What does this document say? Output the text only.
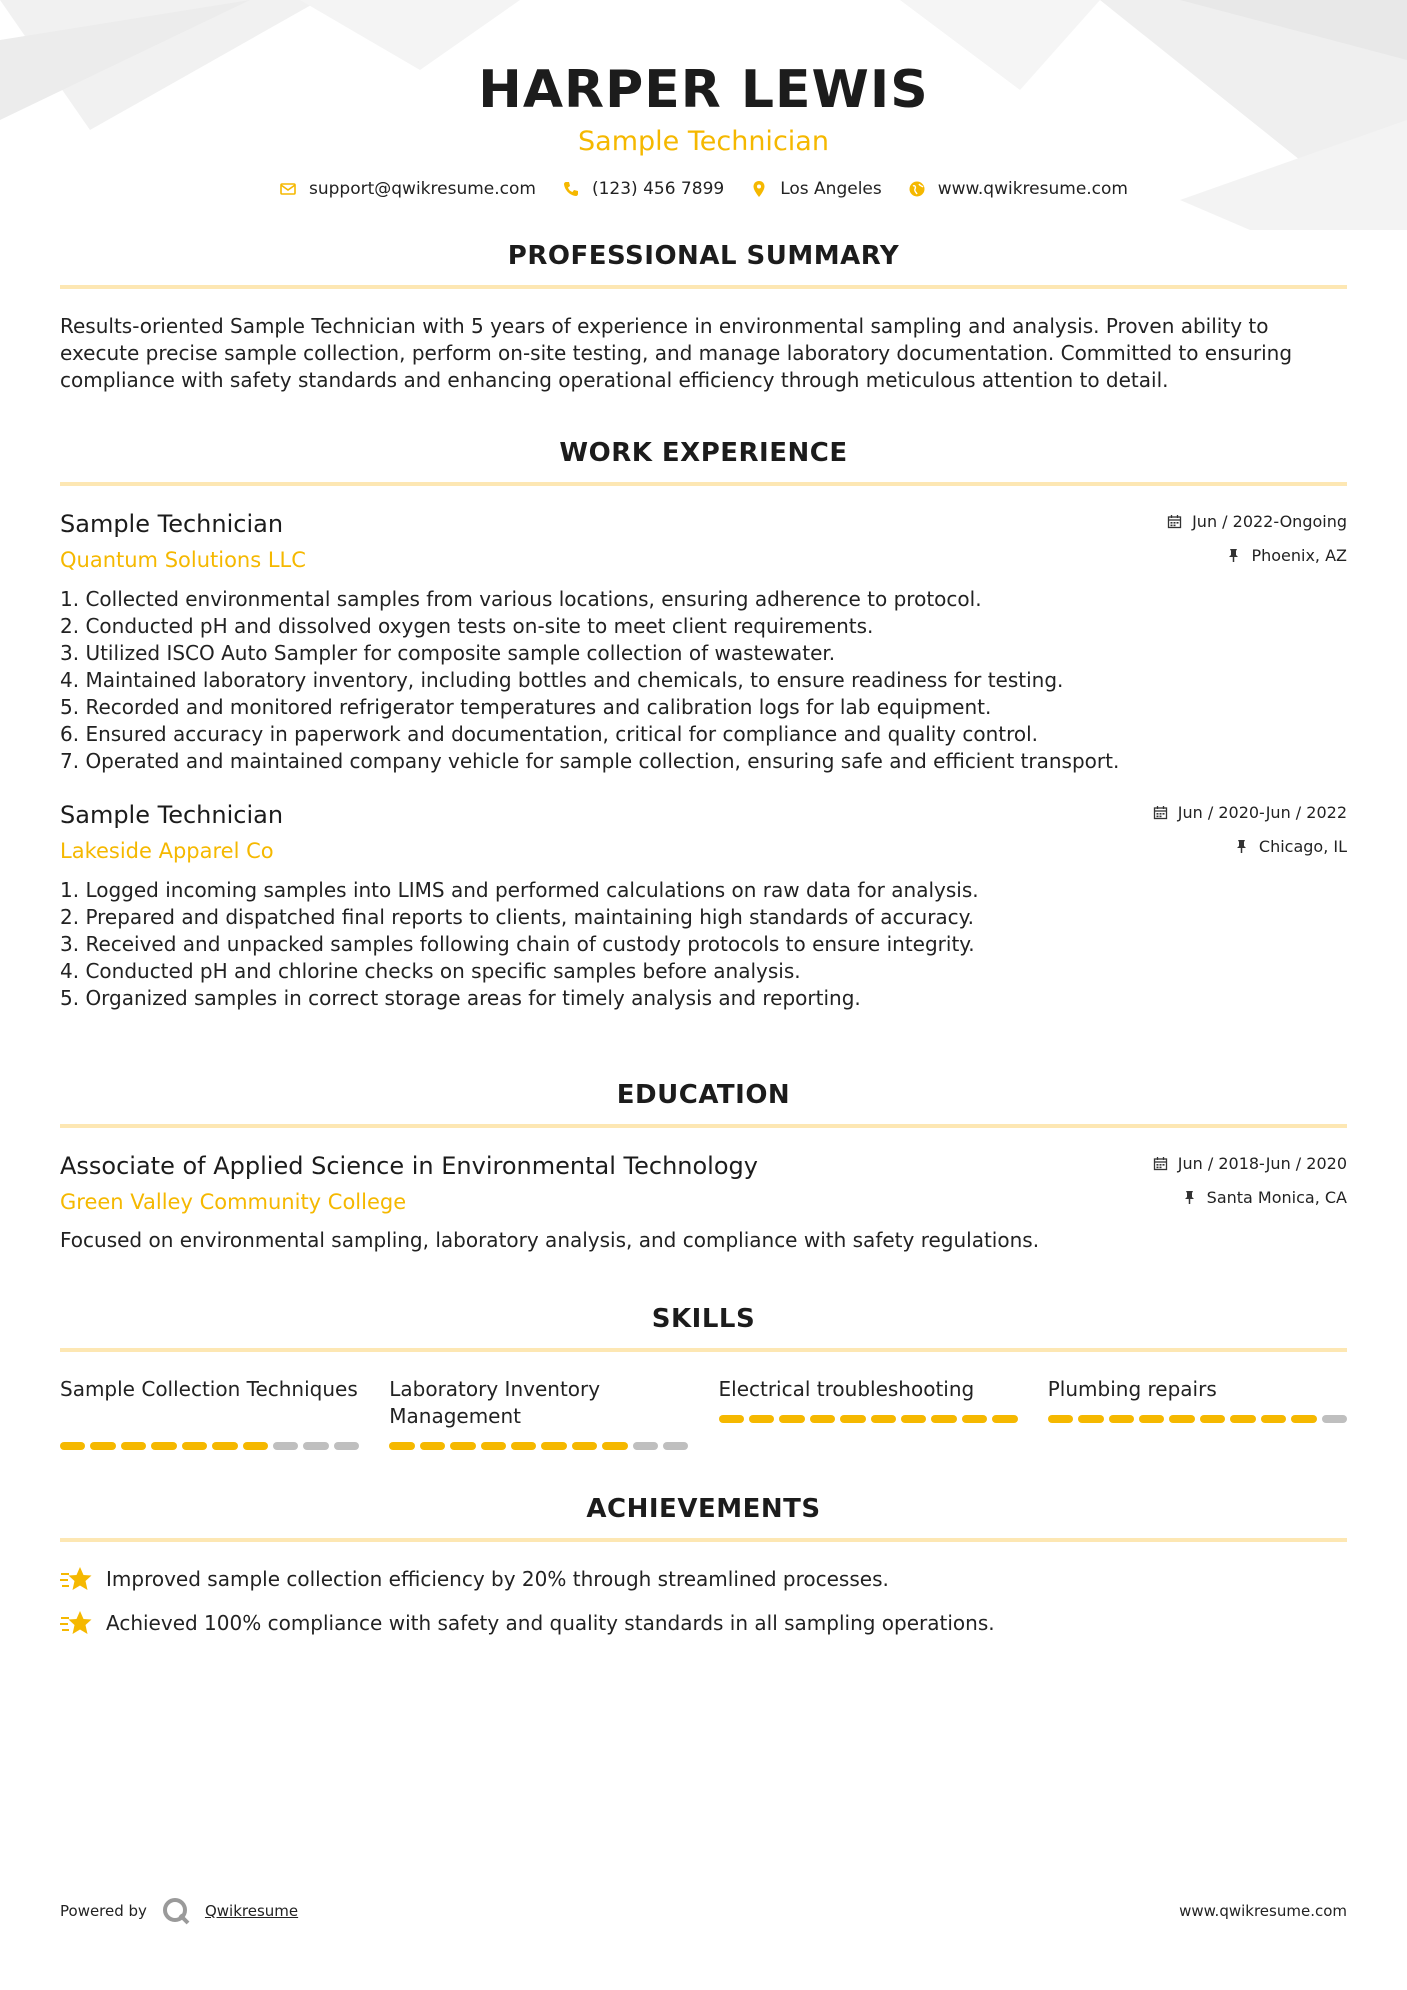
HARPER LEWIS
Sample Technician
support@qwikresume.com	(123) 456 7899	Los Angeles	www.qwikresume.com
PROFESSIONAL SUMMARY

Results-oriented Sample Technician with 5 years of experience in environmental sampling and analysis. Proven ability to execute precise sample collection, perform on-site testing, and manage laboratory documentation. Committed to ensuring compliance with safety standards and enhancing operational efficiency through meticulous attention to detail.

WORK EXPERIENCE
Sample Technician
Quantum Solutions LLC
Jun / 2022-Ongoing
Phoenix, AZ
1. Collected environmental samples from various locations, ensuring adherence to protocol.
2. Conducted pH and dissolved oxygen tests on-site to meet client requirements.
3. Utilized ISCO Auto Sampler for composite sample collection of wastewater.
4. Maintained laboratory inventory, including bottles and chemicals, to ensure readiness for testing.
5. Recorded and monitored refrigerator temperatures and calibration logs for lab equipment.
6. Ensured accuracy in paperwork and documentation, critical for compliance and quality control.
7. Operated and maintained company vehicle for sample collection, ensuring safe and efficient transport.
Sample Technician
Lakeside Apparel Co
Jun / 2020-Jun / 2022
Chicago, IL
1. Logged incoming samples into LIMS and performed calculations on raw data for analysis.
2. Prepared and dispatched final reports to clients, maintaining high standards of accuracy.
3. Received and unpacked samples following chain of custody protocols to ensure integrity.
4. Conducted pH and chlorine checks on specific samples before analysis.
5. Organized samples in correct storage areas for timely analysis and reporting.
EDUCATION
Associate of Applied Science in Environmental Technology
Green Valley Community College
Jun / 2018-Jun / 2020
Santa Monica, CA

Focused on environmental sampling, laboratory analysis, and compliance with safety regulations.

SKILLS
Sample Collection Techniques Laboratory Inventory Management
Electrical troubleshooting	Plumbing repairs
ACHIEVEMENTS
Improved sample collection efficiency by 20% through streamlined processes.
Achieved 100% compliance with safety and quality standards in all sampling operations.
Powered by	Qwikresume	www.qwikresume.com
